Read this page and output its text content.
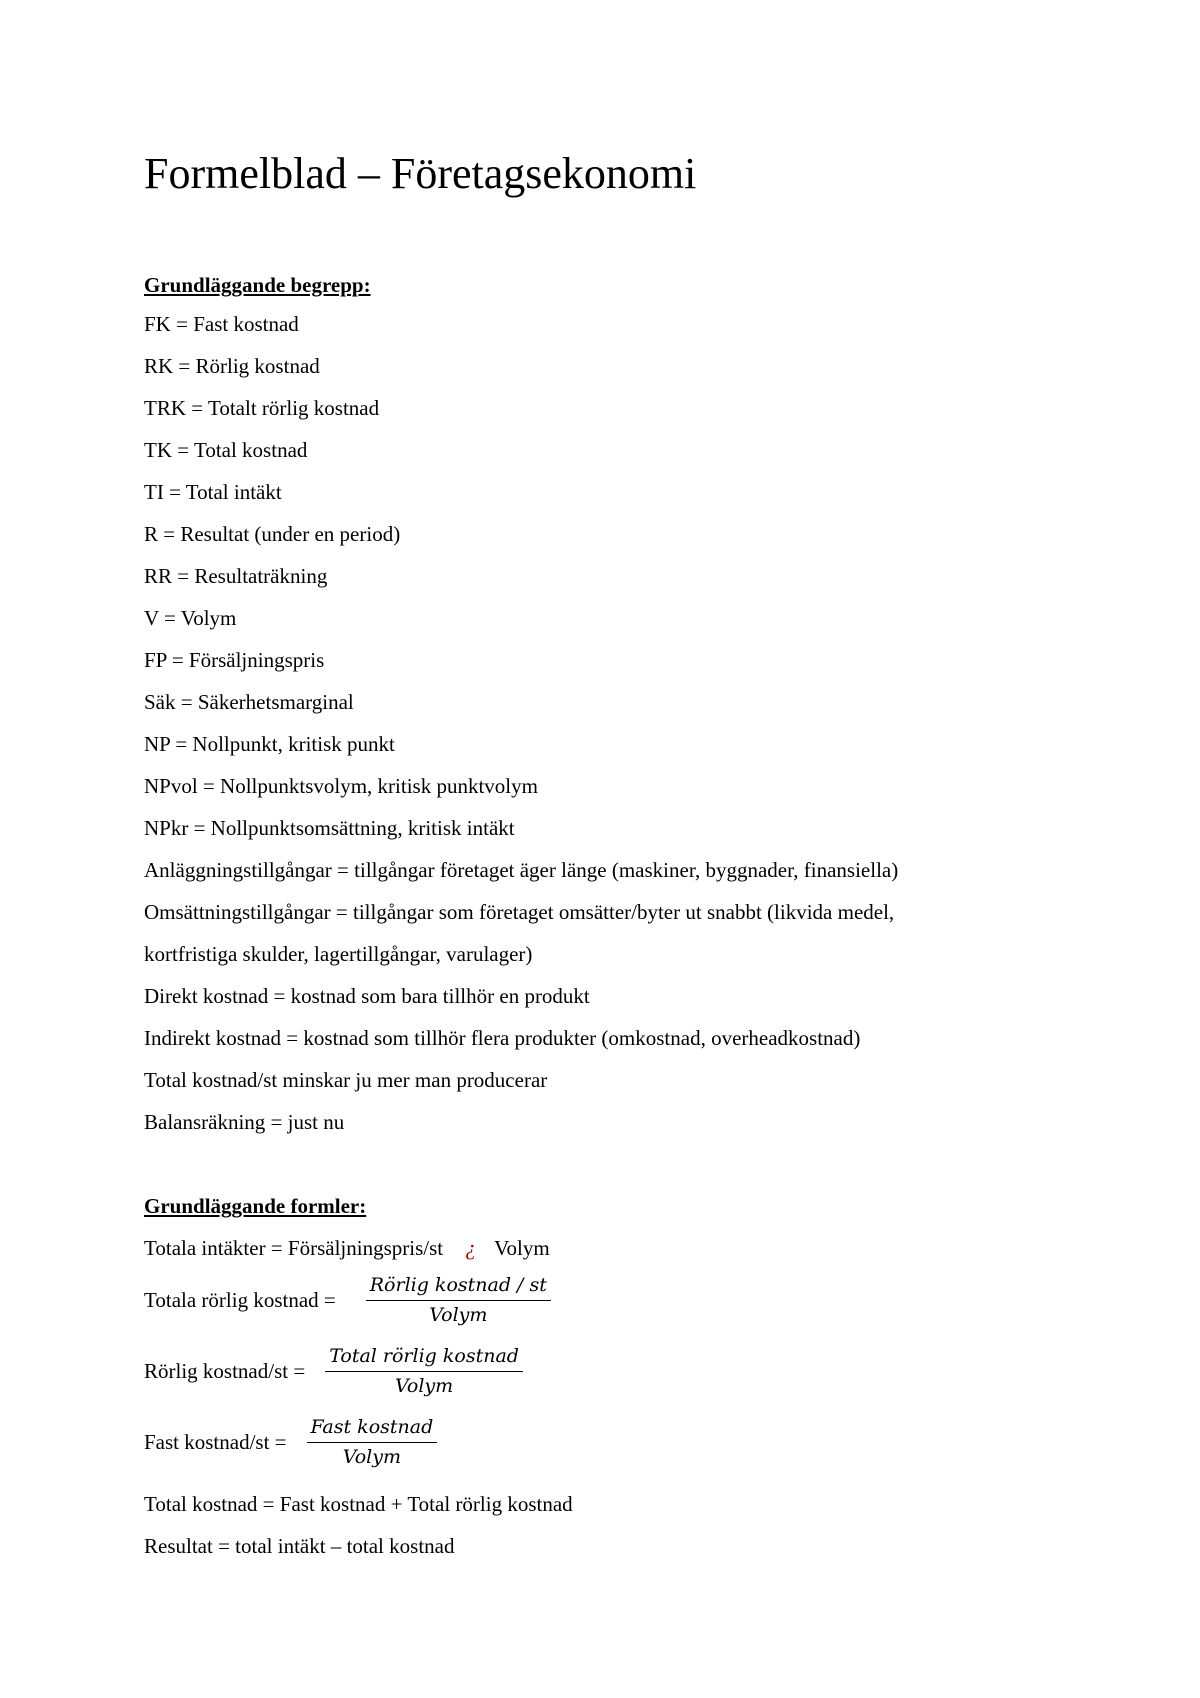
Formelblad – Företagsekonomi
Grundläggande begrepp:
FK = Fast kostnad
RK = Rörlig kostnad
TRK = Totalt rörlig kostnad
TK = Total kostnad
TI = Total intäkt
R = Resultat (under en period)
RR = Resultaträkning
V = Volym
FP = Försäljningspris
Säk = Säkerhetsmarginal
NP = Nollpunkt, kritisk punkt
NPvol = Nollpunktsvolym, kritisk punktvolym
NPkr = Nollpunktsomsättning, kritisk intäkt
Anläggningstillgångar = tillgångar företaget äger länge (maskiner, byggnader, finansiella)
Omsättningstillgångar = tillgångar som företaget omsätter/byter ut snabbt (likvida medel,
kortfristiga skulder, lagertillgångar, varulager)
Direkt kostnad = kostnad som bara tillhör en produkt
Indirekt kostnad = kostnad som tillhör flera produkter (omkostnad, overheadkostnad)
Total kostnad/st minskar ju mer man producerar
Balansräkning = just nu
Grundläggande formler:
Totala intäkter = Försäljningspris/st ¿ Volym
Totala rörlig kostnad = $\frac{\text{Rörlig kostnad / st}}{\text{Volym}}$
Rörlig kostnad/st = $\frac{\text{Total rörlig kostnad}}{\text{Volym}}$
Fast kostnad/st = $\frac{\text{Fast kostnad}}{\text{Volym}}$
Total kostnad = Fast kostnad + Total rörlig kostnad
Resultat = total intäkt – total kostnad
